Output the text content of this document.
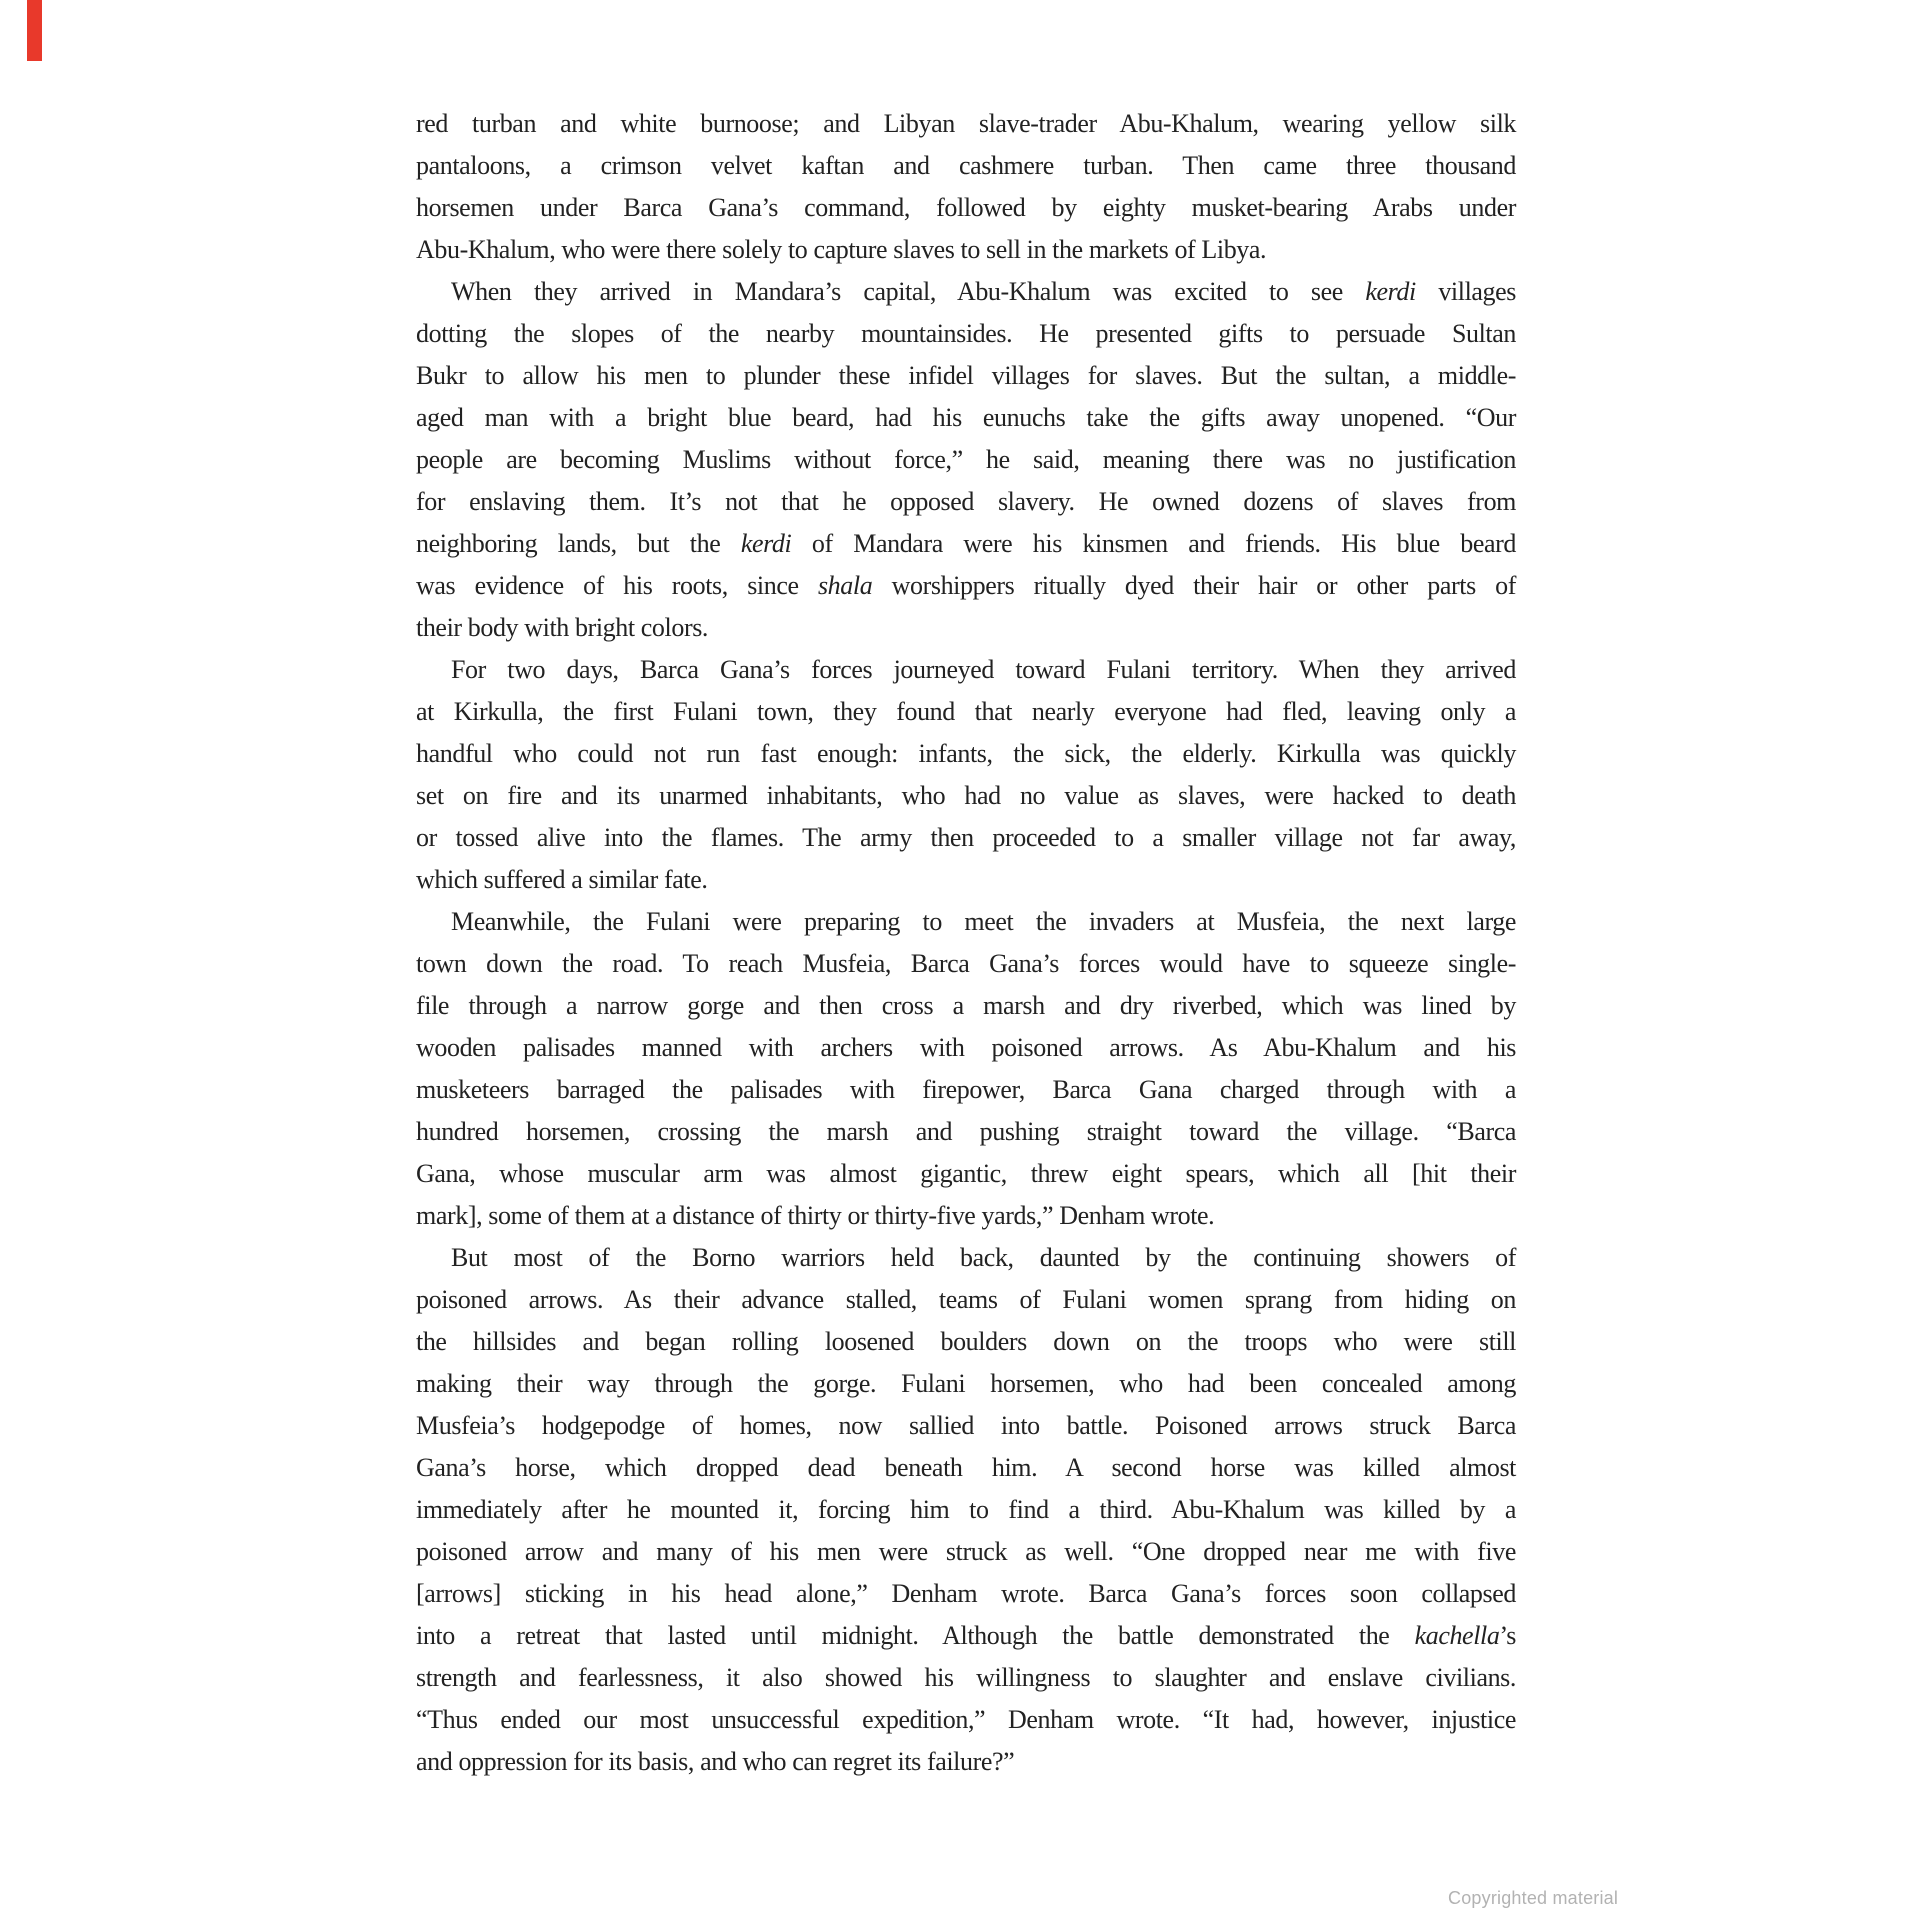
red turban and white burnoose; and Libyan slave-trader Abu-Khalum, wearing yellow silk
pantaloons, a crimson velvet kaftan and cashmere turban. Then came three thousand
horsemen under Barca Gana’s command, followed by eighty musket-bearing Arabs under
Abu-Khalum, who were there solely to capture slaves to sell in the markets of Libya.
When they arrived in Mandara’s capital, Abu-Khalum was excited to see kerdi villages
dotting the slopes of the nearby mountainsides. He presented gifts to persuade Sultan
Bukr to allow his men to plunder these infidel villages for slaves. But the sultan, a middle-
aged man with a bright blue beard, had his eunuchs take the gifts away unopened. “Our
people are becoming Muslims without force,” he said, meaning there was no justification
for enslaving them. It’s not that he opposed slavery. He owned dozens of slaves from
neighboring lands, but the kerdi of Mandara were his kinsmen and friends. His blue beard
was evidence of his roots, since shala worshippers ritually dyed their hair or other parts of
their body with bright colors.
For two days, Barca Gana’s forces journeyed toward Fulani territory. When they arrived
at Kirkulla, the first Fulani town, they found that nearly everyone had fled, leaving only a
handful who could not run fast enough: infants, the sick, the elderly. Kirkulla was quickly
set on fire and its unarmed inhabitants, who had no value as slaves, were hacked to death
or tossed alive into the flames. The army then proceeded to a smaller village not far away,
which suffered a similar fate.
Meanwhile, the Fulani were preparing to meet the invaders at Musfeia, the next large
town down the road. To reach Musfeia, Barca Gana’s forces would have to squeeze single-
file through a narrow gorge and then cross a marsh and dry riverbed, which was lined by
wooden palisades manned with archers with poisoned arrows. As Abu-Khalum and his
musketeers barraged the palisades with firepower, Barca Gana charged through with a
hundred horsemen, crossing the marsh and pushing straight toward the village. “Barca
Gana, whose muscular arm was almost gigantic, threw eight spears, which all [hit their
mark], some of them at a distance of thirty or thirty-five yards,” Denham wrote.
But most of the Borno warriors held back, daunted by the continuing showers of
poisoned arrows. As their advance stalled, teams of Fulani women sprang from hiding on
the hillsides and began rolling loosened boulders down on the troops who were still
making their way through the gorge. Fulani horsemen, who had been concealed among
Musfeia’s hodgepodge of homes, now sallied into battle. Poisoned arrows struck Barca
Gana’s horse, which dropped dead beneath him. A second horse was killed almost
immediately after he mounted it, forcing him to find a third. Abu-Khalum was killed by a
poisoned arrow and many of his men were struck as well. “One dropped near me with five
[arrows] sticking in his head alone,” Denham wrote. Barca Gana’s forces soon collapsed
into a retreat that lasted until midnight. Although the battle demonstrated the kachella’s
strength and fearlessness, it also showed his willingness to slaughter and enslave civilians.
“Thus ended our most unsuccessful expedition,” Denham wrote. “It had, however, injustice
and oppression for its basis, and who can regret its failure?”
Copyrighted material
